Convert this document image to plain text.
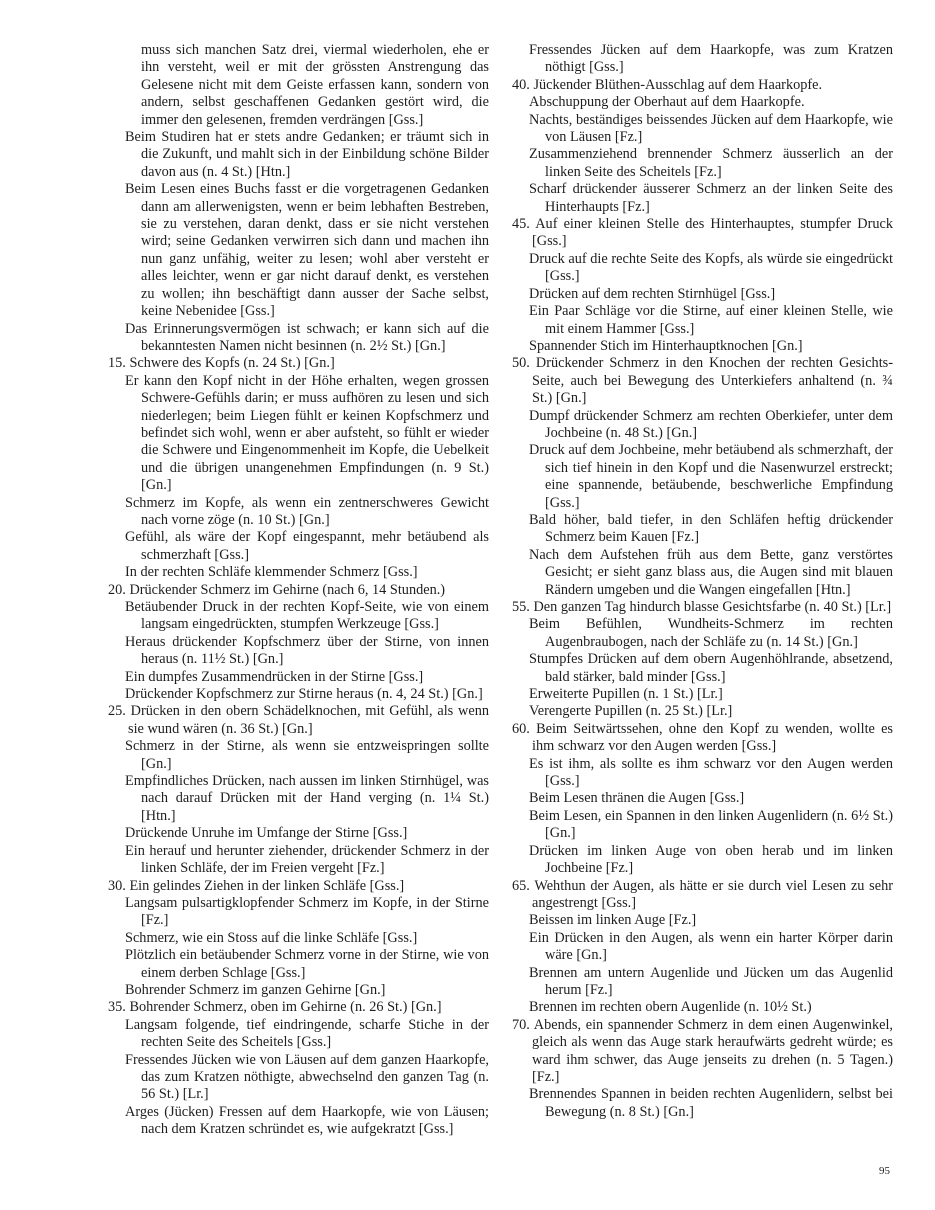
muss sich manchen Satz drei, viermal wiederholen, ehe er ihn versteht, weil er mit der grössten Anstrengung das Gelesene nicht mit dem Geiste erfassen kann, sondern von andern, selbst geschaffenen Gedanken gestört wird, die immer den gelesenen, fremden verdrängen [Gss.]

Beim Studiren hat er stets andre Gedanken; er träumt sich in die Zukunft, und mahlt sich in der Einbildung schöne Bilder davon aus (n. 4 St.) [Htn.]

Beim Lesen eines Buchs fasst er die vorgetragenen Gedanken dann am allerwenigsten, wenn er beim lebhaften Bestreben, sie zu verstehen, daran denkt, dass er sie nicht verstehen wird; seine Gedanken verwirren sich dann und machen ihn nun ganz unfähig, weiter zu lesen; wohl aber versteht er alles leichter, wenn er gar nicht darauf denkt, es verstehen zu wollen; ihn beschäftigt dann ausser der Sache selbst, keine Nebenidee [Gss.]

Das Erinnerungsvermögen ist schwach; er kann sich auf die bekanntesten Namen nicht besinnen (n. 2½ St.) [Gn.]

15. Schwere des Kopfs (n. 24 St.) [Gn.]

Er kann den Kopf nicht in der Höhe erhalten, wegen grossen Schwere-Gefühls darin; er muss aufhören zu lesen und sich niederlegen; beim Liegen fühlt er keinen Kopfschmerz und befindet sich wohl, wenn er aber aufsteht, so fühlt er wieder die Schwere und Eingenommenheit im Kopfe, die Uebelkeit und die übrigen unangenehmen Empfindungen (n. 9 St.) [Gn.]

Schmerz im Kopfe, als wenn ein zentnerschweres Gewicht nach vorne zöge (n. 10 St.) [Gn.]

Gefühl, als wäre der Kopf eingespannt, mehr betäubend als schmerzhaft [Gss.]

In der rechten Schläfe klemmender Schmerz [Gss.]

20. Drückender Schmerz im Gehirne (nach 6, 14 Stunden.)

Betäubender Druck in der rechten Kopf-Seite, wie von einem langsam eingedrückten, stumpfen Werkzeuge [Gss.]

Heraus drückender Kopfschmerz über der Stirne, von innen heraus (n. 11½ St.) [Gn.]

Ein dumpfes Zusammendrücken in der Stirne [Gss.]

Drückender Kopfschmerz zur Stirne heraus (n. 4, 24 St.) [Gn.]

25. Drücken in den obern Schädelknochen, mit Gefühl, als wenn sie wund wären (n. 36 St.) [Gn.]

Schmerz in der Stirne, als wenn sie entzweispringen sollte [Gn.]

Empfindliches Drücken, nach aussen im linken Stirnhügel, was nach darauf Drücken mit der Hand verging (n. 1¼ St.) [Htn.]

Drückende Unruhe im Umfange der Stirne [Gss.]

Ein herauf und herunter ziehender, drückender Schmerz in der linken Schläfe, der im Freien vergeht [Fz.]

30. Ein gelindes Ziehen in der linken Schläfe [Gss.]

Langsam pulsartigklopfender Schmerz im Kopfe, in der Stirne [Fz.]

Schmerz, wie ein Stoss auf die linke Schläfe [Gss.]

Plötzlich ein betäubender Schmerz vorne in der Stirne, wie von einem derben Schlage [Gss.]

Bohrender Schmerz im ganzen Gehirne [Gn.]

35. Bohrender Schmerz, oben im Gehirne (n. 26 St.) [Gn.]

Langsam folgende, tief eindringende, scharfe Stiche in der rechten Seite des Scheitels [Gss.]

Fressendes Jücken wie von Läusen auf dem ganzen Haarkopfe, das zum Kratzen nöthigte, abwechselnd den ganzen Tag (n. 56 St.) [Lr.]

Arges (Jücken) Fressen auf dem Haarkopfe, wie von Läusen; nach dem Kratzen schründet es, wie aufgekratzt [Gss.]

Fressendes Jücken auf dem Haarkopfe, was zum Kratzen nöthigt [Gss.]

40. Jückender Blüthen-Ausschlag auf dem Haarkopfe.

Abschuppung der Oberhaut auf dem Haarkopfe.

Nachts, beständiges beissendes Jücken auf dem Haarkopfe, wie von Läusen [Fz.]

Zusammenziehend brennender Schmerz äusserlich an der linken Seite des Scheitels [Fz.]

Scharf drückender äusserer Schmerz an der linken Seite des Hinterhaupts [Fz.]

45. Auf einer kleinen Stelle des Hinterhauptes, stumpfer Druck [Gss.]

Druck auf die rechte Seite des Kopfs, als würde sie eingedrückt [Gss.]

Drücken auf dem rechten Stirnhügel [Gss.]

Ein Paar Schläge vor die Stirne, auf einer kleinen Stelle, wie mit einem Hammer [Gss.]

Spannender Stich im Hinterhauptknochen [Gn.]

50. Drückender Schmerz in den Knochen der rechten Gesichts-Seite, auch bei Bewegung des Unterkiefers anhaltend (n. ¾ St.) [Gn.]

Dumpf drückender Schmerz am rechten Oberkiefer, unter dem Jochbeine (n. 48 St.) [Gn.]

Druck auf dem Jochbeine, mehr betäubend als schmerzhaft, der sich tief hinein in den Kopf und die Nasenwurzel erstreckt; eine spannende, betäubende, beschwerliche Empfindung [Gss.]

Bald höher, bald tiefer, in den Schläfen heftig drückender Schmerz beim Kauen [Fz.]

Nach dem Aufstehen früh aus dem Bette, ganz verstörtes Gesicht; er sieht ganz blass aus, die Augen sind mit blauen Rändern umgeben und die Wangen eingefallen [Htn.]

55. Den ganzen Tag hindurch blasse Gesichtsfarbe (n. 40 St.) [Lr.]

Beim Befühlen, Wundheits-Schmerz im rechten Augenbraubogen, nach der Schläfe zu (n. 14 St.) [Gn.]

Stumpfes Drücken auf dem obern Augenhöhlrande, absetzend, bald stärker, bald minder [Gss.]

Erweiterte Pupillen (n. 1 St.) [Lr.]

Verengerte Pupillen (n. 25 St.) [Lr.]

60. Beim Seitwärtssehen, ohne den Kopf zu wenden, wollte es ihm schwarz vor den Augen werden [Gss.]

Es ist ihm, als sollte es ihm schwarz vor den Augen werden [Gss.]

Beim Lesen thränen die Augen [Gss.]

Beim Lesen, ein Spannen in den linken Augenlidern (n. 6½ St.) [Gn.]

Drücken im linken Auge von oben herab und im linken Jochbeine [Fz.]

65. Wehthun der Augen, als hätte er sie durch viel Lesen zu sehr angestrengt [Gss.]

Beissen im linken Auge [Fz.]

Ein Drücken in den Augen, als wenn ein harter Körper darin wäre [Gn.]

Brennen am untern Augenlide und Jücken um das Augenlid herum [Fz.]

Brennen im rechten obern Augenlide (n. 10½ St.)

70. Abends, ein spannender Schmerz in dem einen Augenwinkel, gleich als wenn das Auge stark heraufwärts gedreht würde; es ward ihm schwer, das Auge jenseits zu drehen (n. 5 Tagen.) [Fz.]

Brennendes Spannen in beiden rechten Augenlidern, selbst bei Bewegung (n. 8 St.) [Gn.]

95
